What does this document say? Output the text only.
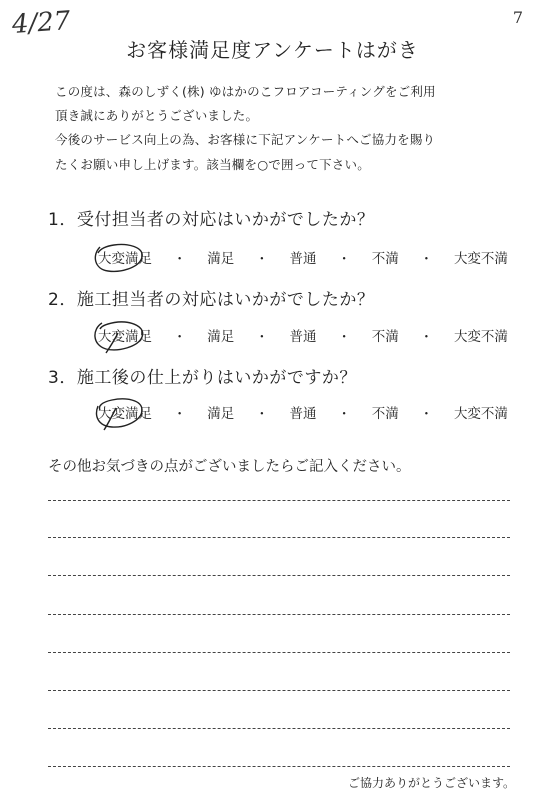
4/27	7
お客様満足度アンケートはがき
この度は、森のしずく(株) ゆはかのこフロアコーティングをご利用
頂き誠にありがとうございました。
今後のサービス向上の為、お客様に下記アンケートへご協力を賜り
たくお願い申し上げます。該当欄を○で囲って下さい。
1．受付担当者の対応はいかがでしたか？
大変満足 ・ 満足 ・ 普通 ・ 不満 ・ 大変不満
2．施工担当者の対応はいかがでしたか？
大変満足 ・ 満足 ・ 普通 ・ 不満 ・ 大変不満
3．施工後の仕上がりはいかがですか？
大変満足 ・ 満足 ・ 普通 ・ 不満 ・ 大変不満
その他お気づきの点がございましたらご記入ください。
ご協力ありがとうございます。
